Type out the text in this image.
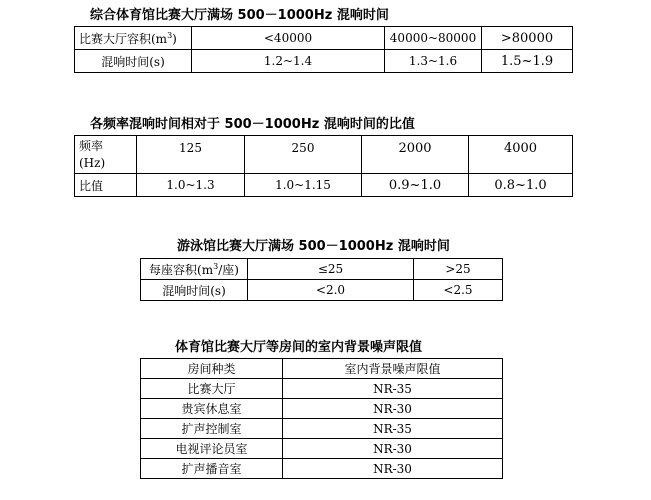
综合体育馆比赛大厅满场 500－1000Hz 混响时间
比赛大厅容积$(m^3)$	<40000	40000~80000	>80000
混响时间(s)	1.2~1.4	1.3~1.6	1.5~1.9
各频率混响时间相对于 500－1000Hz 混响时间的比值
频率
(Hz)	125	250	2000	4000
比值	1.0~1.3	1.0~1.15	0.9~1.0	0.8~1.0
游泳馆比赛大厅满场 500－1000Hz 混响时间
每座容积($m^3/$座)	≤25	>25
混响时间(s)	<2.0	<2.5
体育馆比赛大厅等房间的室内背景噪声限值
房间种类	室内背景噪声限值
比赛大厅	NR-35
贵宾休息室	NR-30
扩声控制室	NR-35
电视评论员室	NR-30
扩声播音室	NR-30
